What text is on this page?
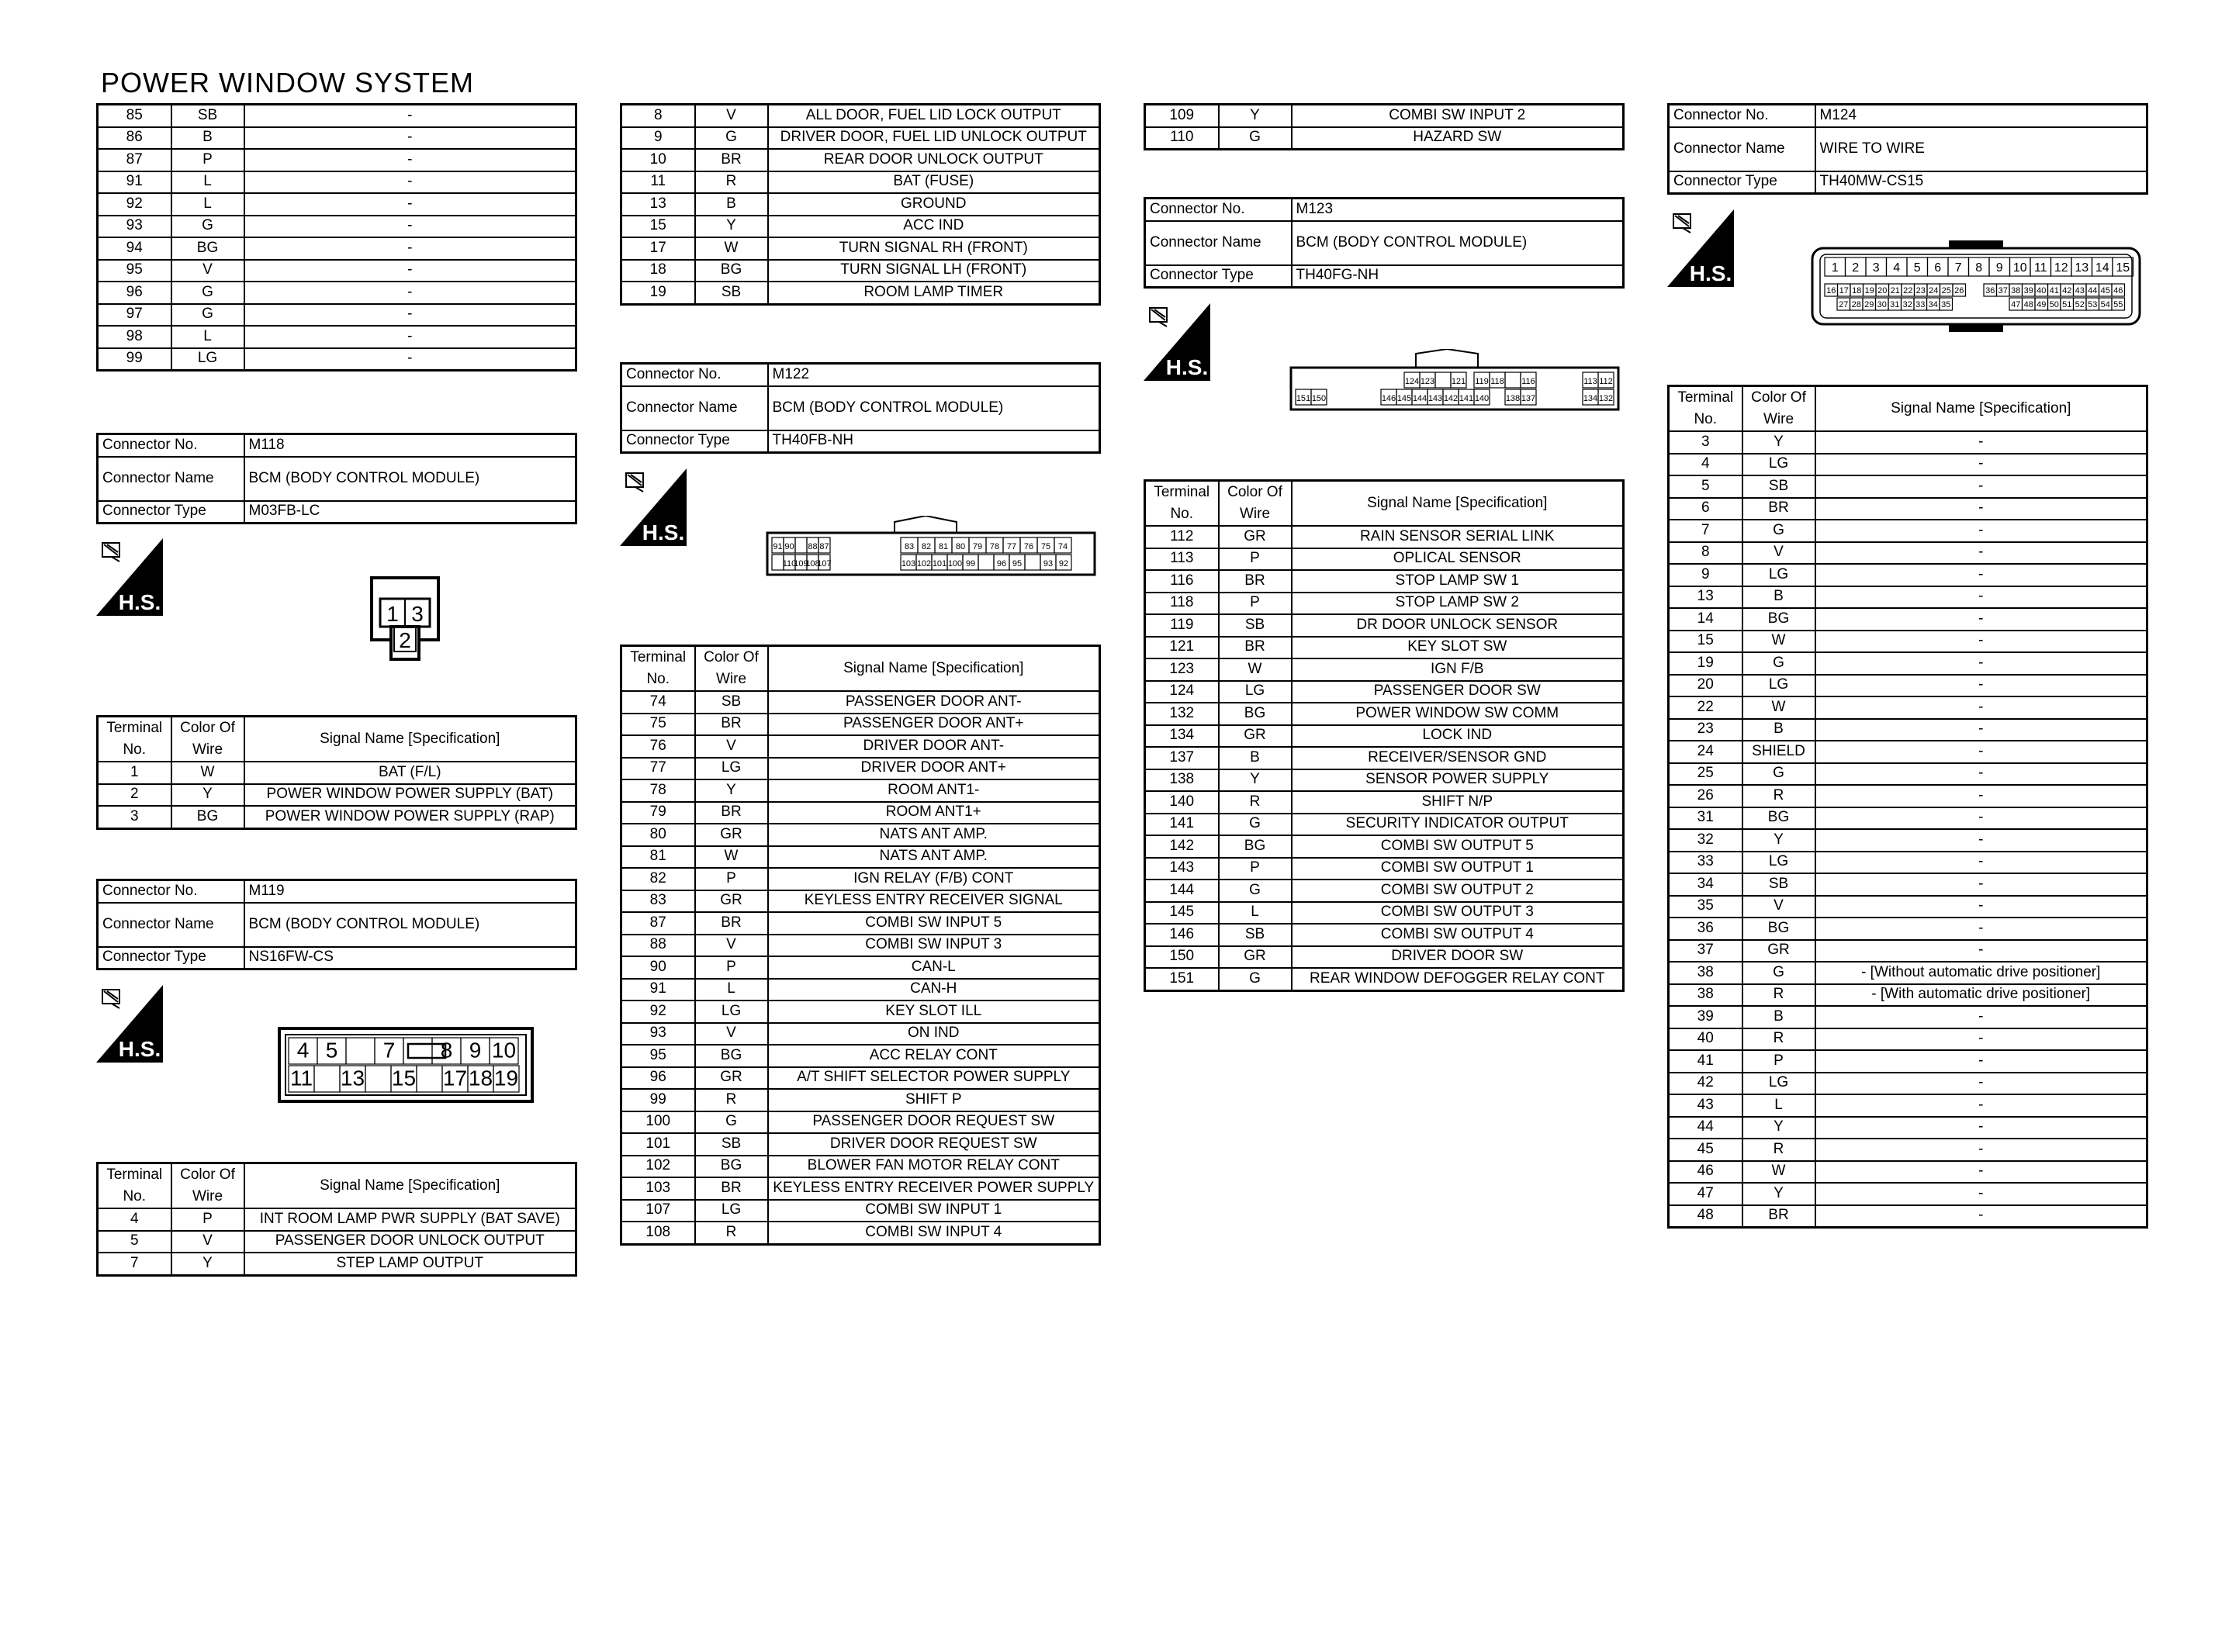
POWER WINDOW SYSTEM
85	SB	-
86	B	-
87	P	-
91	L	-
92	L	-
93	G	-
94	BG	-
95	V	-
96	G	-
97	G	-
98	L	-
99	LG	-
Connector No.	M118
Connector Name	BCM (BODY CONTROL MODULE)
Connector Type	M03FB-LC
H.S.	1 3
2
Terminal No.	Color Of Wire	Signal Name [Specification]
1	W	BAT (F/L)
2	Y	POWER WINDOW POWER SUPPLY (BAT)
3	BG	POWER WINDOW POWER SUPPLY (RAP)
Connector No.	M119
Connector Name	BCM (BODY CONTROL MODULE)
Connector Type	NS16FW-CS
H.S.	4 5 7 8 9 10
11 13 15 17 18 19
Terminal No.	Color Of Wire	Signal Name [Specification]
4	P	INT ROOM LAMP PWR SUPPLY (BAT SAVE)
5	V	PASSENGER DOOR UNLOCK OUTPUT
7	Y	STEP LAMP OUTPUT
8	V	ALL DOOR, FUEL LID LOCK OUTPUT
9	G	DRIVER DOOR, FUEL LID UNLOCK OUTPUT
10	BR	REAR DOOR UNLOCK OUTPUT
11	R	BAT (FUSE)
13	B	GROUND
15	Y	ACC IND
17	W	TURN SIGNAL RH (FRONT)
18	BG	TURN SIGNAL LH (FRONT)
19	SB	ROOM LAMP TIMER
Connector No.	M122
Connector Name	BCM (BODY CONTROL MODULE)
Connector Type	TH40FB-NH
H.S.
91 90 88 87	83 82 81 80 79 78 77 76 75 74
110
109
108
107	103 102 101 100 99	96 95	93 92
Terminal No.	Color Of Wire	Signal Name [Specification]
74	SB	PASSENGER DOOR ANT-
75	BR	PASSENGER DOOR ANT+
76	V	DRIVER DOOR ANT-
77	LG	DRIVER DOOR ANT+
78	Y	ROOM ANT1-
79	BR	ROOM ANT1+
80	GR	NATS ANT AMP.
81	W	NATS ANT AMP.
82	P	IGN RELAY (F/B) CONT
83	GR	KEYLESS ENTRY RECEIVER SIGNAL
87	BR	COMBI SW INPUT 5
88	V	COMBI SW INPUT 3
90	P	CAN-L
91	L	CAN-H
92	LG	KEY SLOT ILL
93	V	ON IND
95	BG	ACC RELAY CONT
96	GR	A/T SHIFT SELECTOR POWER SUPPLY
99	R	SHIFT P
100	G	PASSENGER DOOR REQUEST SW
101	SB	DRIVER DOOR REQUEST SW
102	BG	BLOWER FAN MOTOR RELAY CONT
103	BR	KEYLESS ENTRY RECEIVER POWER SUPPLY
107	LG	COMBI SW INPUT 1
108	R	COMBI SW INPUT 4
109	Y	COMBI SW INPUT 2
110	G	HAZARD SW
Connector No.	M123
Connector Name	BCM (BODY CONTROL MODULE)
Connector Type	TH40FG-NH
H.S.
124 123 121 119 118 116	113 112
151 150	146 145 144 143 142 141 140 138 137	134 132
Terminal No.	Color Of Wire	Signal Name [Specification]
112	GR	RAIN SENSOR SERIAL LINK
113	P	OPLICAL SENSOR
116	BR	STOP LAMP SW 1
118	P	STOP LAMP SW 2
119	SB	DR DOOR UNLOCK SENSOR
121	BR	KEY SLOT SW
123	W	IGN F/B
124	LG	PASSENGER DOOR SW
132	BG	POWER WINDOW SW COMM
134	GR	LOCK IND
137	B	RECEIVER/SENSOR GND
138	Y	SENSOR POWER SUPPLY
140	R	SHIFT N/P
141	G	SECURITY INDICATOR OUTPUT
142	BG	COMBI SW OUTPUT 5
143	P	COMBI SW OUTPUT 1
144	G	COMBI SW OUTPUT 2
145	L	COMBI SW OUTPUT 3
146	SB	COMBI SW OUTPUT 4
150	GR	DRIVER DOOR SW
151	G	REAR WINDOW DEFOGGER RELAY CONT
Connector No.	M124
Connector Name	WIRE TO WIRE
Connector Type	TH40MW-CS15
H.S.	1 2 3 4 5 6 7 8 9 10 11 12 13 14 15
16 17 18 19 20 21 22 23 24 25 26	36 37 38 39 40 41 42 43 44 45 46
27 28 29 30 31 32 33 34 35	47 48 49 50 51 52 53 54 55
Terminal No.	Color Of Wire	Signal Name [Specification]
3	Y	-
4	LG	-
5	SB	-
6	BR	-
7	G	-
8	V	-
9	LG	-
13	B	-
14	BG	-
15	W	-
19	G	-
20	LG	-
22	W	-
23	B	-
24	SHIELD	-
25	G	-
26	R	-
31	BG	-
32	Y	-
33	LG	-
34	SB	-
35	V	-
36	BG	-
37	GR	-
38	G	- [Without automatic drive positioner]
38	R	- [With automatic drive positioner]
39	B	-
40	R	-
41	P	-
42	LG	-
43	L	-
44	Y	-
45	R	-
46	W	-
47	Y	-
48	BR	-
